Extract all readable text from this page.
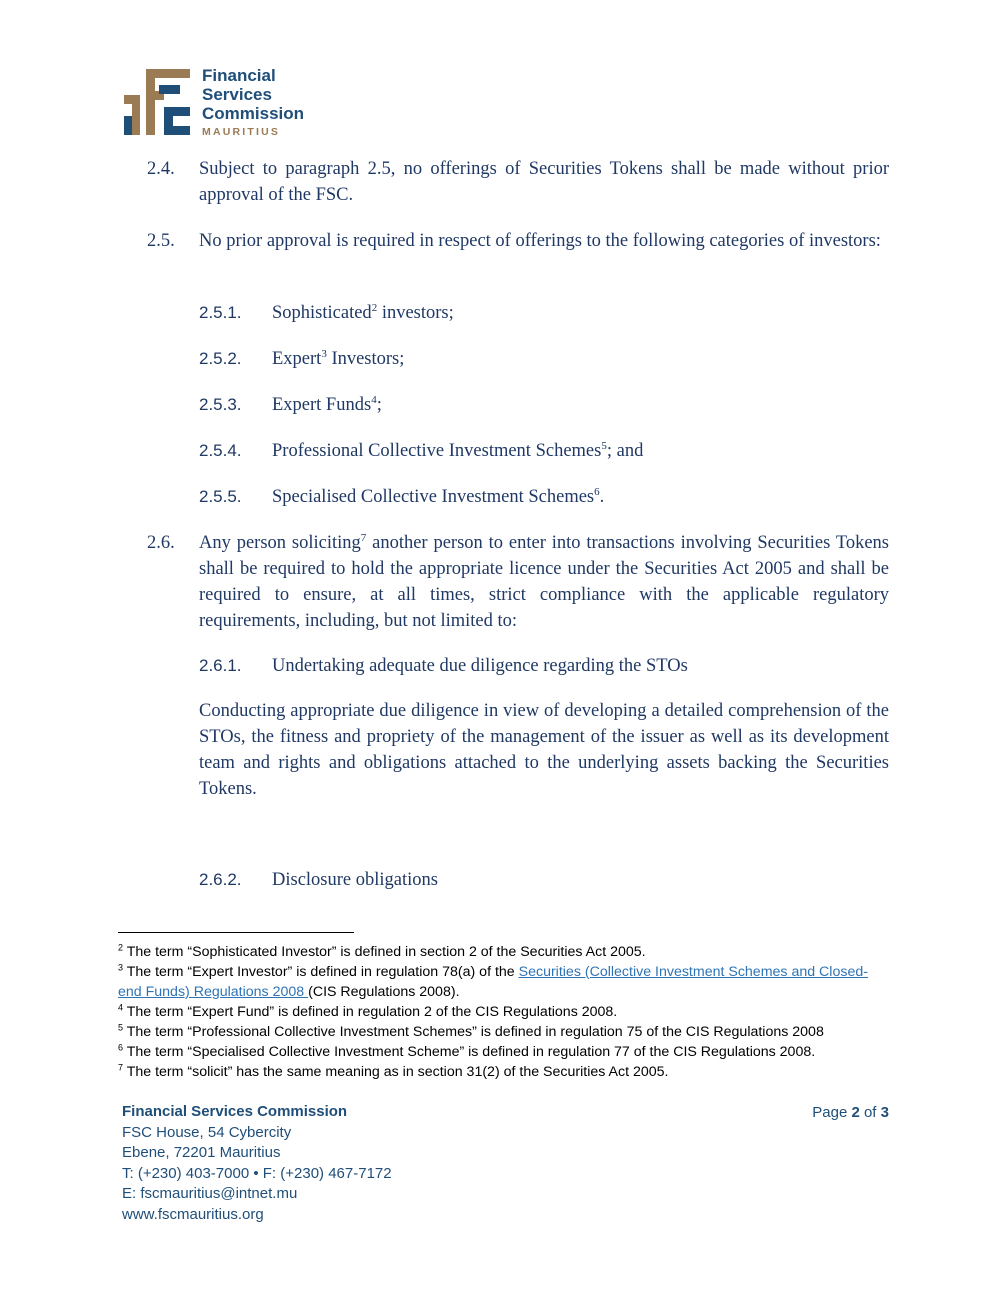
Financial
Services
Commission
MAURITIUS
2.4. Subject to paragraph 2.5, no offerings of Securities Tokens shall be made without prior approval of the FSC.
2.5. No prior approval is required in respect of offerings to the following categories of investors:
2.5.1. Sophisticated$^2$ investors;
2.5.2. Expert$^3$ Investors;
2.5.3. Expert Funds$^4$;
2.5.4. Professional Collective Investment Schemes$^5$; and
2.5.5. Specialised Collective Investment Schemes$^6$.
2.6. Any person soliciting$^7$ another person to enter into transactions involving Securities Tokens shall be required to hold the appropriate licence under the Securities Act 2005 and shall be required to ensure, at all times, strict compliance with the applicable regulatory requirements, including, but not limited to:
2.6.1. Undertaking adequate due diligence regarding the STOs
Conducting appropriate due diligence in view of developing a detailed comprehension of the STOs, the fitness and propriety of the management of the issuer as well as its development team and rights and obligations attached to the underlying assets backing the Securities Tokens.
2.6.2. Disclosure obligations
$^2$ The term “Sophisticated Investor” is defined in section 2 of the Securities Act 2005.
$^3$ The term “Expert Investor” is defined in regulation 78(a) of the Securities (Collective Investment Schemes and Closed-end Funds) Regulations 2008 (CIS Regulations 2008).
$^4$ The term “Expert Fund” is defined in regulation 2 of the CIS Regulations 2008.
$^5$ The term “Professional Collective Investment Schemes” is defined in regulation 75 of the CIS Regulations 2008
$^6$ The term “Specialised Collective Investment Scheme” is defined in regulation 77 of the CIS Regulations 2008.
$^7$ The term “solicit” has the same meaning as in section 31(2) of the Securities Act 2005.
Financial Services Commission
FSC House, 54 Cybercity
Ebene, 72201 Mauritius
T: (+230) 403-7000 • F: (+230) 467-7172
E: fscmauritius@intnet.mu
www.fscmauritius.org
Page 2 of 3
